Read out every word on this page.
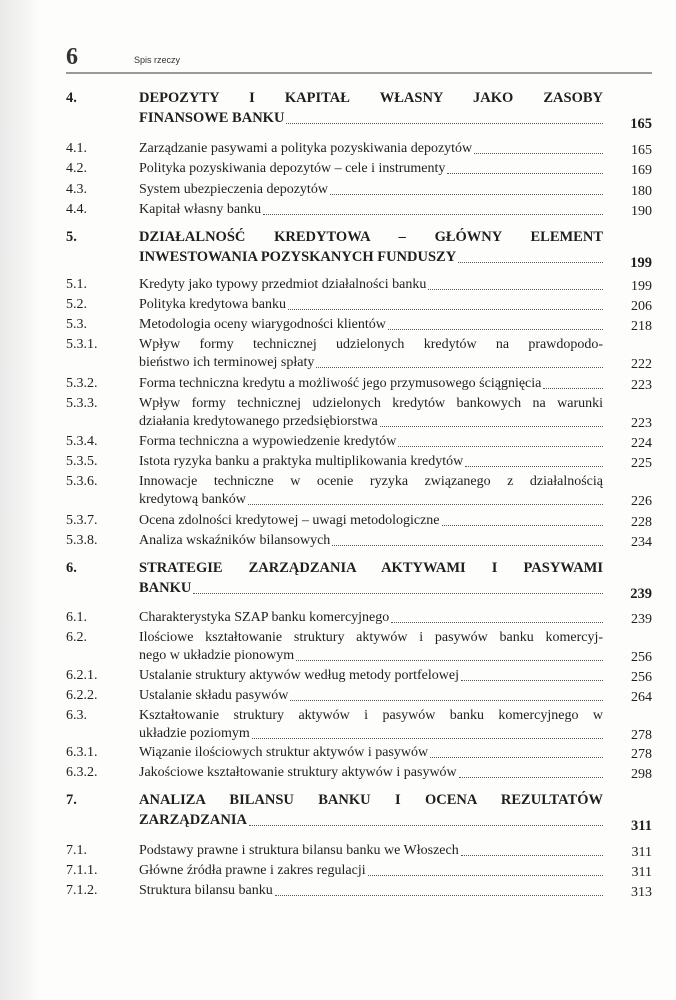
6	Spis rzeczy
4.	DEPOZYTY I KAPITAŁ WŁASNY JAKO ZASOBY
FINANSOWE BANKU	165
4.1.	Zarządzanie pasywami a polityka pozyskiwania depozytów	165
4.2.	Polityka pozyskiwania depozytów – cele i instrumenty	169
4.3.	System ubezpieczenia depozytów	180
4.4.	Kapitał własny banku	190
5.	DZIAŁALNOŚĆ KREDYTOWA – GŁÓWNY ELEMENT
INWESTOWANIA POZYSKANYCH FUNDUSZY	199
5.1.	Kredyty jako typowy przedmiot działalności banku	199
5.2.	Polityka kredytowa banku	206
5.3.	Metodologia oceny wiarygodności klientów	218
5.3.1.	Wpływ formy technicznej udzielonych kredytów na prawdopodo-
bieństwo ich terminowej spłaty	222
5.3.2.	Forma techniczna kredytu a możliwość jego przymusowego ściągnięcia	223
5.3.3.	Wpływ formy technicznej udzielonych kredytów bankowych na warunki
działania kredytowanego przedsiębiorstwa	223
5.3.4.	Forma techniczna a wypowiedzenie kredytów	224
5.3.5.	Istota ryzyka banku a praktyka multiplikowania kredytów	225
5.3.6.	Innowacje techniczne w ocenie ryzyka związanego z działalnością
kredytową banków	226
5.3.7.	Ocena zdolności kredytowej – uwagi metodologiczne	228
5.3.8.	Analiza wskaźników bilansowych	234
6.	STRATEGIE ZARZĄDZANIA AKTYWAMI I PASYWAMI
BANKU	239
6.1.	Charakterystyka SZAP banku komercyjnego	239
6.2.	Ilościowe kształtowanie struktury aktywów i pasywów banku komercyj-
nego w układzie pionowym	256
6.2.1.	Ustalanie struktury aktywów według metody portfelowej	256
6.2.2.	Ustalanie składu pasywów	264
6.3.	Kształtowanie struktury aktywów i pasywów banku komercyjnego w
układzie poziomym	278
6.3.1.	Wiązanie ilościowych struktur aktywów i pasywów	278
6.3.2.	Jakościowe kształtowanie struktury aktywów i pasywów	298
7.	ANALIZA BILANSU BANKU I OCENA REZULTATÓW
ZARZĄDZANIA	311
7.1.	Podstawy prawne i struktura bilansu banku we Włoszech	311
7.1.1.	Główne źródła prawne i zakres regulacji	311
7.1.2.	Struktura bilansu banku	313
